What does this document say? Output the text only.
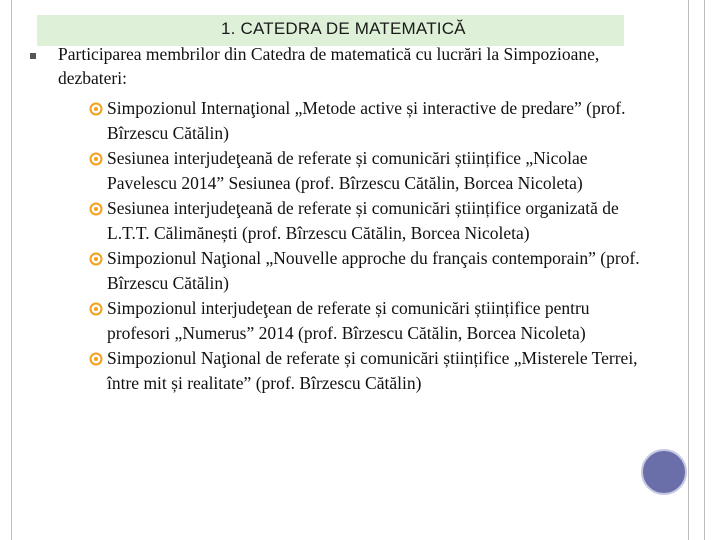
1. CATEDRA DE MATEMATICĂ
Participarea membrilor din Catedra de matematică cu lucrări la Simpozioane, dezbateri:

Simpozionul Internaţional „Metode active și interactive de predare” (prof. Bîrzescu Cătălin)

Sesiunea interjudeţeană de referate și comunicări științifice „Nicolae Pavelescu 2014” Sesiunea (prof. Bîrzescu Cătălin, Borcea Nicoleta)

Sesiunea interjudeţeană de referate și comunicări științifice organizată de L.T.T. Călimănești (prof. Bîrzescu Cătălin, Borcea Nicoleta)

Simpozionul Naţional „Nouvelle approche du français contemporain” (prof. Bîrzescu Cătălin)

Simpozionul interjudeţean de referate și comunicări științifice pentru profesori „Numerus” 2014 (prof. Bîrzescu Cătălin, Borcea Nicoleta)

Simpozionul Naţional de referate și comunicări științifice „Misterele Terrei, între mit și realitate” (prof. Bîrzescu Cătălin)
